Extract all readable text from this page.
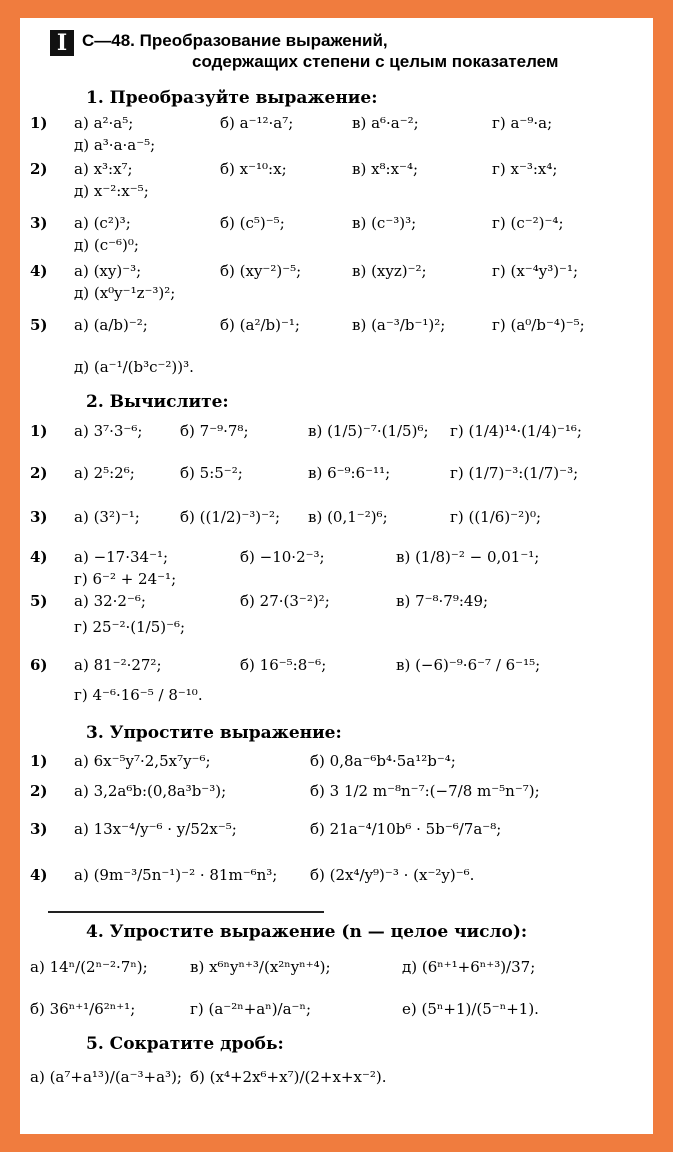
I С—48. Преобразование выражений,
содержащих степени с целым показателем
1. Преобразуйте выражение:
2. Вычислите:
3. Упростите выражение:
4. Упростите выражение (n — целое число):
5. Сократите дробь:
1) а) a²·a⁵;	б) a⁻¹²·a⁷;	в) a⁶·a⁻²;	г) a⁻⁹·a;
д) a³·a·a⁻⁵;
2) а) x³:x⁷;	б) x⁻¹⁰:x;	в) x⁸:x⁻⁴;	г) x⁻³:x⁴;
д) x⁻²:x⁻⁵;
3) а) (c²)³;	б) (c⁵)⁻⁵;	в) (c⁻³)³;	г) (c⁻²)⁻⁴;
д) (c⁻⁶)⁰;
4) а) (xy)⁻³;	б) (xy⁻²)⁻⁵;	в) (xyz)⁻²;	г) (x⁻⁴y³)⁻¹;
д) (x⁰y⁻¹z⁻³)²;
5) а) (a/b)⁻²;	б) (a²/b)⁻¹;	в) (a⁻³/b⁻¹)²;	г) (a⁰/b⁻⁴)⁻⁵;
д) (a⁻¹/(b³c⁻²))³.
1) а) 3⁷·3⁻⁶;	б) 7⁻⁹·7⁸;	в) (1/5)⁻⁷·(1/5)⁶; г) (1/4)¹⁴·(1/4)⁻¹⁶;
2) а) 2⁵:2⁶;	б) 5:5⁻²;	в) 6⁻⁹:6⁻¹¹;	г) (1/7)⁻³:(1/7)⁻³;
3) а) (3²)⁻¹;	б) ((1/2)⁻³)⁻²; в) (0,1⁻²)⁶;	г) ((1/6)⁻²)⁰;
4) а) −17·34⁻¹;	б) −10·2⁻³;	в) (1/8)⁻² − 0,01⁻¹;
г) 6⁻² + 24⁻¹;
5) а) 32·2⁻⁶;	б) 27·(3⁻²)²;	в) 7⁻⁸·7⁹:49;
г) 25⁻²·(1/5)⁻⁶;
6) а) 81⁻²·27²;	б) 16⁻⁵:8⁻⁶;	в) (−6)⁻⁹·6⁻⁷ / 6⁻¹⁵;
г) 4⁻⁶·16⁻⁵ / 8⁻¹⁰.
1) а) 6x⁻⁵y⁷·2,5x⁷y⁻⁶;	б) 0,8a⁻⁶b⁴·5a¹²b⁻⁴;
2) а) 3,2a⁶b:(0,8a³b⁻³);	б) 3 1/2 m⁻⁸n⁻⁷:(−7/8 m⁻⁵n⁻⁷);
3) а) 13x⁻⁴/y⁻⁶ · y/52x⁻⁵;	б) 21a⁻⁴/10b⁶ · 5b⁻⁶/7a⁻⁸;
4) а) (9m⁻³/5n⁻¹)⁻² · 81m⁻⁶n³; б) (2x⁴/y⁹)⁻³ · (x⁻²y)⁻⁶.
а) 14ⁿ/(2ⁿ⁻²·7ⁿ);	в) x⁶ⁿyⁿ⁺³/(x²ⁿyⁿ⁺⁴);	д) (6ⁿ⁺¹+6ⁿ⁺³)/37;
б) 36ⁿ⁺¹/6²ⁿ⁺¹;	г) (a⁻²ⁿ+aⁿ)/a⁻ⁿ;	е) (5ⁿ+1)/(5⁻ⁿ+1).
а) (a⁷+a¹³)/(a⁻³+a³); б) (x⁴+2x⁶+x⁷)/(2+x+x⁻²).
